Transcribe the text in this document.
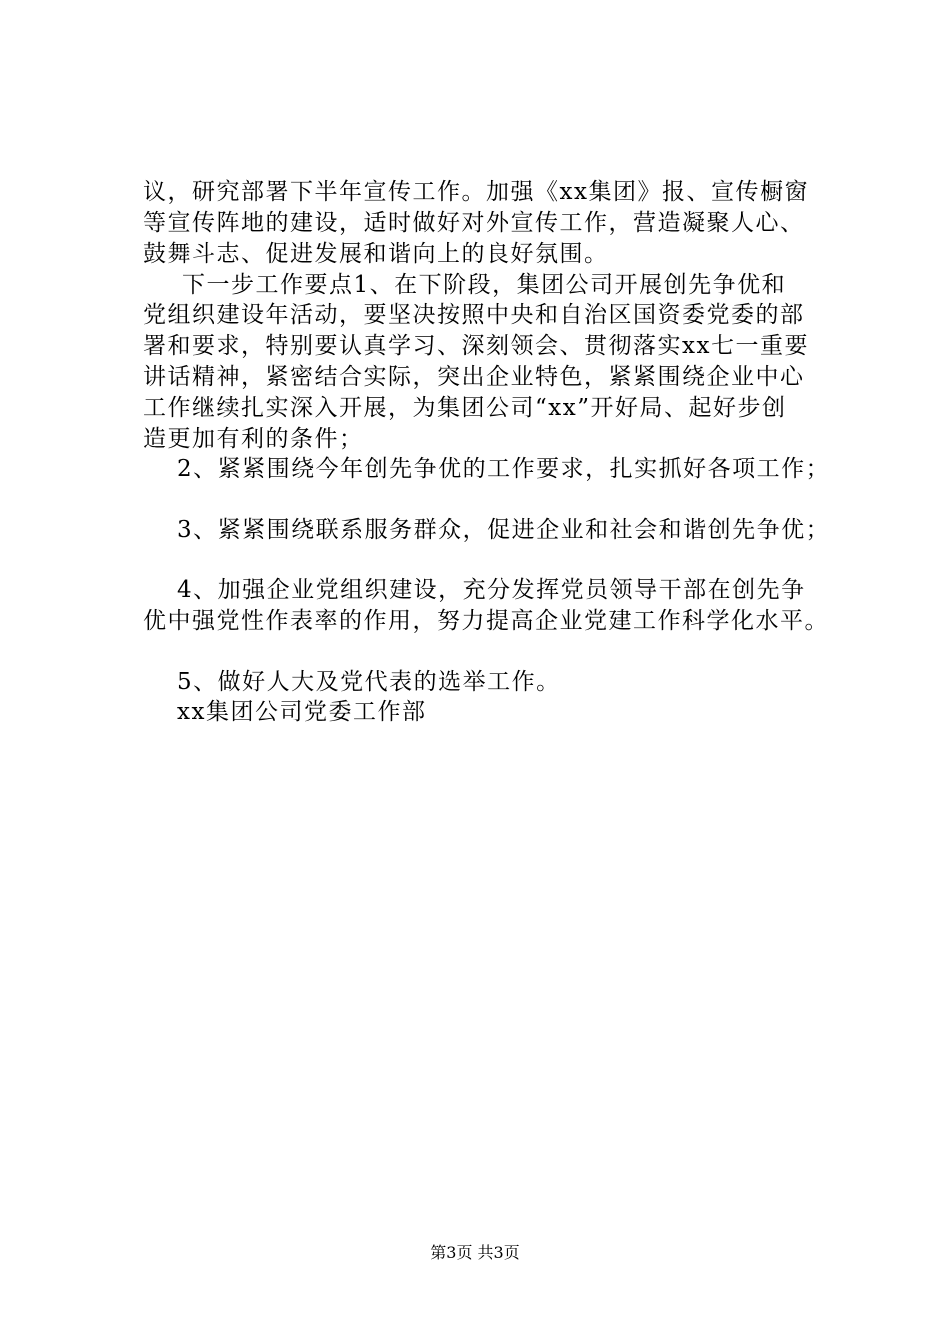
议，研究部署下半年宣传工作。加强《xx集团》报、宣传橱窗

等宣传阵地的建设，适时做好对外宣传工作，营造凝聚人心、

鼓舞斗志、促进发展和谐向上的良好氛围。

下一步工作要点1、在下阶段，集团公司开展创先争优和

党组织建设年活动，要坚决按照中央和自治区国资委党委的部

署和要求，特别要认真学习、深刻领会、贯彻落实xx七一重要

讲话精神，紧密结合实际，突出企业特色，紧紧围绕企业中心

工作继续扎实深入开展，为集团公司“xx”开好局、起好步创

造更加有利的条件；

2、紧紧围绕今年创先争优的工作要求，扎实抓好各项工作；

3、紧紧围绕联系服务群众，促进企业和社会和谐创先争优；

4、加强企业党组织建设，充分发挥党员领导干部在创先争

优中强党性作表率的作用，努力提高企业党建工作科学化水平。

5、做好人大及党代表的选举工作。

xx集团公司党委工作部

第3页 共3页
